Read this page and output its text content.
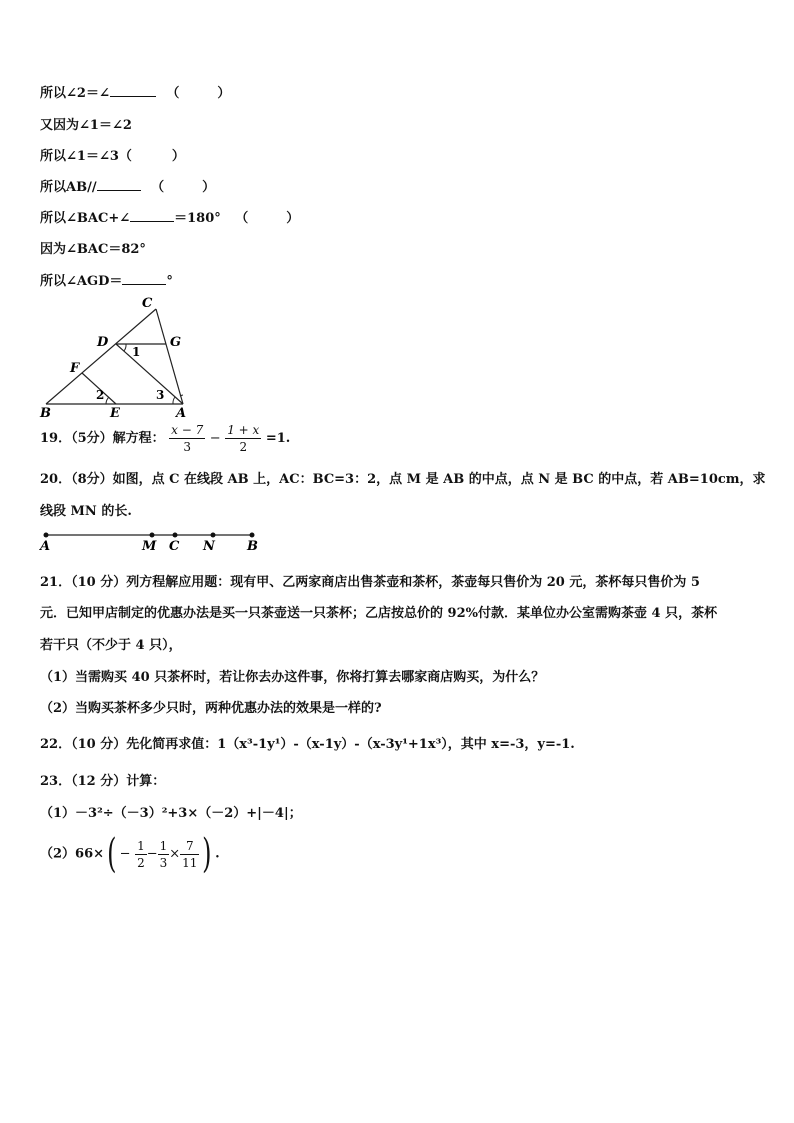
所以∠2＝∠	（	）
又因为∠1＝∠2
所以∠1＝∠3（	）
所以AB//	（	）
所以∠BAC+∠	＝180° （	）
因为∠BAC＝82°
所以∠AGD＝	°
C
D	G
1
F
2	3
B	E	A
19．（5分）解方程： $\frac{x - 7}{3} - \frac{1 + x}{2} =1$.
20．（8分）如图，点 C 在线段 AB 上，AC：BC=3：2，点 M 是 AB 的中点，点 N 是 BC 的中点，若 AB=10cm，求
线段 MN 的长.
A	M C N B
21．（10 分）列方程解应用题：现有甲、乙两家商店出售茶壶和茶杯，茶壶每只售价为 20 元，茶杯每只售价为 5
元．已知甲店制定的优惠办法是买一只茶壶送一只茶杯；乙店按总价的 92%付款．某单位办公室需购茶壶 4 只，茶杯
若干只（不少于 4 只），
（1）当需购买 40 只茶杯时，若让你去办这件事，你将打算去哪家商店购买，为什么？
（2）当购买茶杯多少只时，两种优惠办法的效果是一样的?
22．（10 分）先化简再求值：1（x³-1y¹）-（x-1y）-（x-3y¹+1x³），其中 x=-3，y=-1.
23．（12 分）计算：
（1）－3²÷（－3）²+3×（－2）+|－4|；
$(2)66\times( - \frac{1}{2} - \frac{1}{3} \times \frac{7}{11}$ ) .
